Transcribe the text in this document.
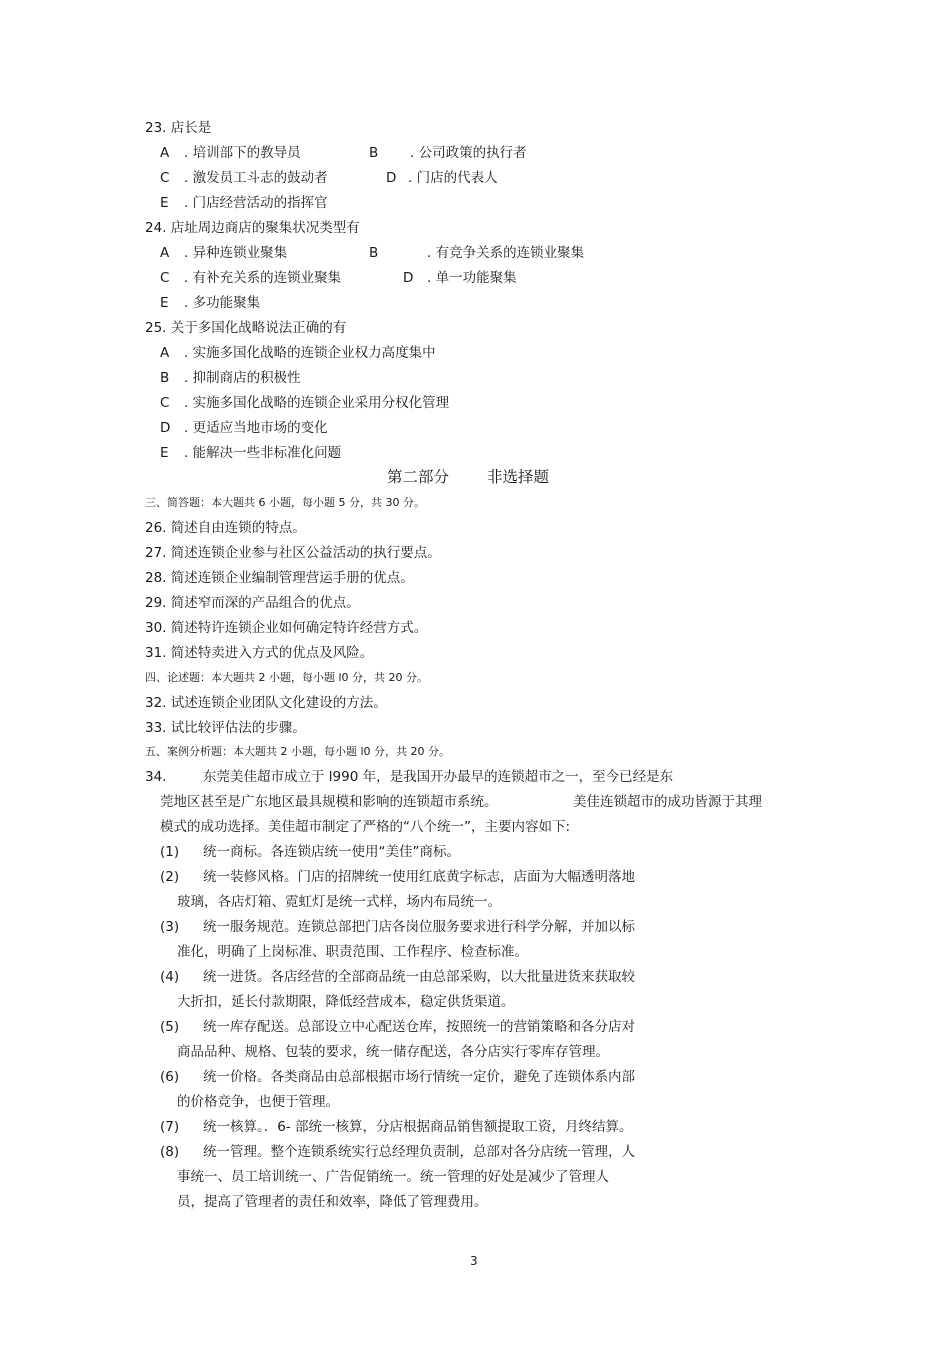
23. 店长是
A . 培训部下的教导员	B . 公司政策的执行者
C . 激发员工斗志的鼓动者	D . 门店的代表人
E . 门店经营活动的指挥官
24. 店址周边商店的聚集状况类型有
A . 异种连锁业聚集	B	. 有竞争关系的连锁业聚集
C . 有补充关系的连锁业聚集	D . 单一功能聚集
E . 多功能聚集
25. 关于多国化战略说法正确的有
A . 实施多国化战略的连锁企业权力高度集中
B . 抑制商店的积极性
C . 实施多国化战略的连锁企业采用分权化管理
D . 更适应当地市场的变化
E . 能解决一些非标准化问题
第二部分 非选择题
三、简答题：本大题共 6 小题，每小题 5 分，共 30 分。
26. 简述自由连锁的特点。
27. 简述连锁企业参与社区公益活动的执行要点。
28. 简述连锁企业编制管理营运手册的优点。
29. 简述窄而深的产品组合的优点。
30. 简述特许连锁企业如何确定特许经营方式。
31. 简述特卖进入方式的优点及风险。
四、论述题：本大题共 2 小题，每小题 l0 分，共 20 分。
32. 试述连锁企业团队文化建设的方法。
33. 试比较评估法的步骤。
五、案例分析题：本大题共 2 小题，每小题 l0 分，共 20 分。
34.	东莞美佳超市成立于 l990 年，是我国开办最早的连锁超市之一，至今已经是东
莞地区甚至是广东地区最具规模和影响的连锁超市系统。	美佳连锁超市的成功皆源于其理
模式的成功选择。美佳超市制定了严格的“八个统一”，主要内容如下:
(1) 统一商标。各连锁店统一使用“美佳”商标。
(2) 统一装修风格。门店的招牌统一使用红底黄字标志，店面为大幅透明落地
玻璃，各店灯箱、霓虹灯是统一式样，场内布局统一。
(3) 统一服务规范。连锁总部把门店各岗位服务要求进行科学分解，并加以标
准化，明确了上岗标准、职责范围、工作程序、检查标准。
(4) 统一进货。各店经营的全部商品统一由总部采购，以大批量进货来获取较
大折扣，延长付款期限，降低经营成本，稳定供货渠道。
(5) 统一库存配送。总部设立中心配送仓库，按照统一的营销策略和各分店对
商品品种、规格、包装的要求，统一储存配送，各分店实行零库存管理。
(6) 统一价格。各类商品由总部根据市场行情统一定价，避免了连锁体系内部
的价格竞争，也便于管理。
(7) 统一核算。．6- 部统一核算，分店根据商品销售额提取工资，月终结算。
(8) 统一管理。整个连锁系统实行总经理负责制，总部对各分店统一管理，人
事统一、员工培训统一、广告促销统一。统一管理的好处是减少了管理人
员，提高了管理者的责任和效率，降低了管理费用。
3
